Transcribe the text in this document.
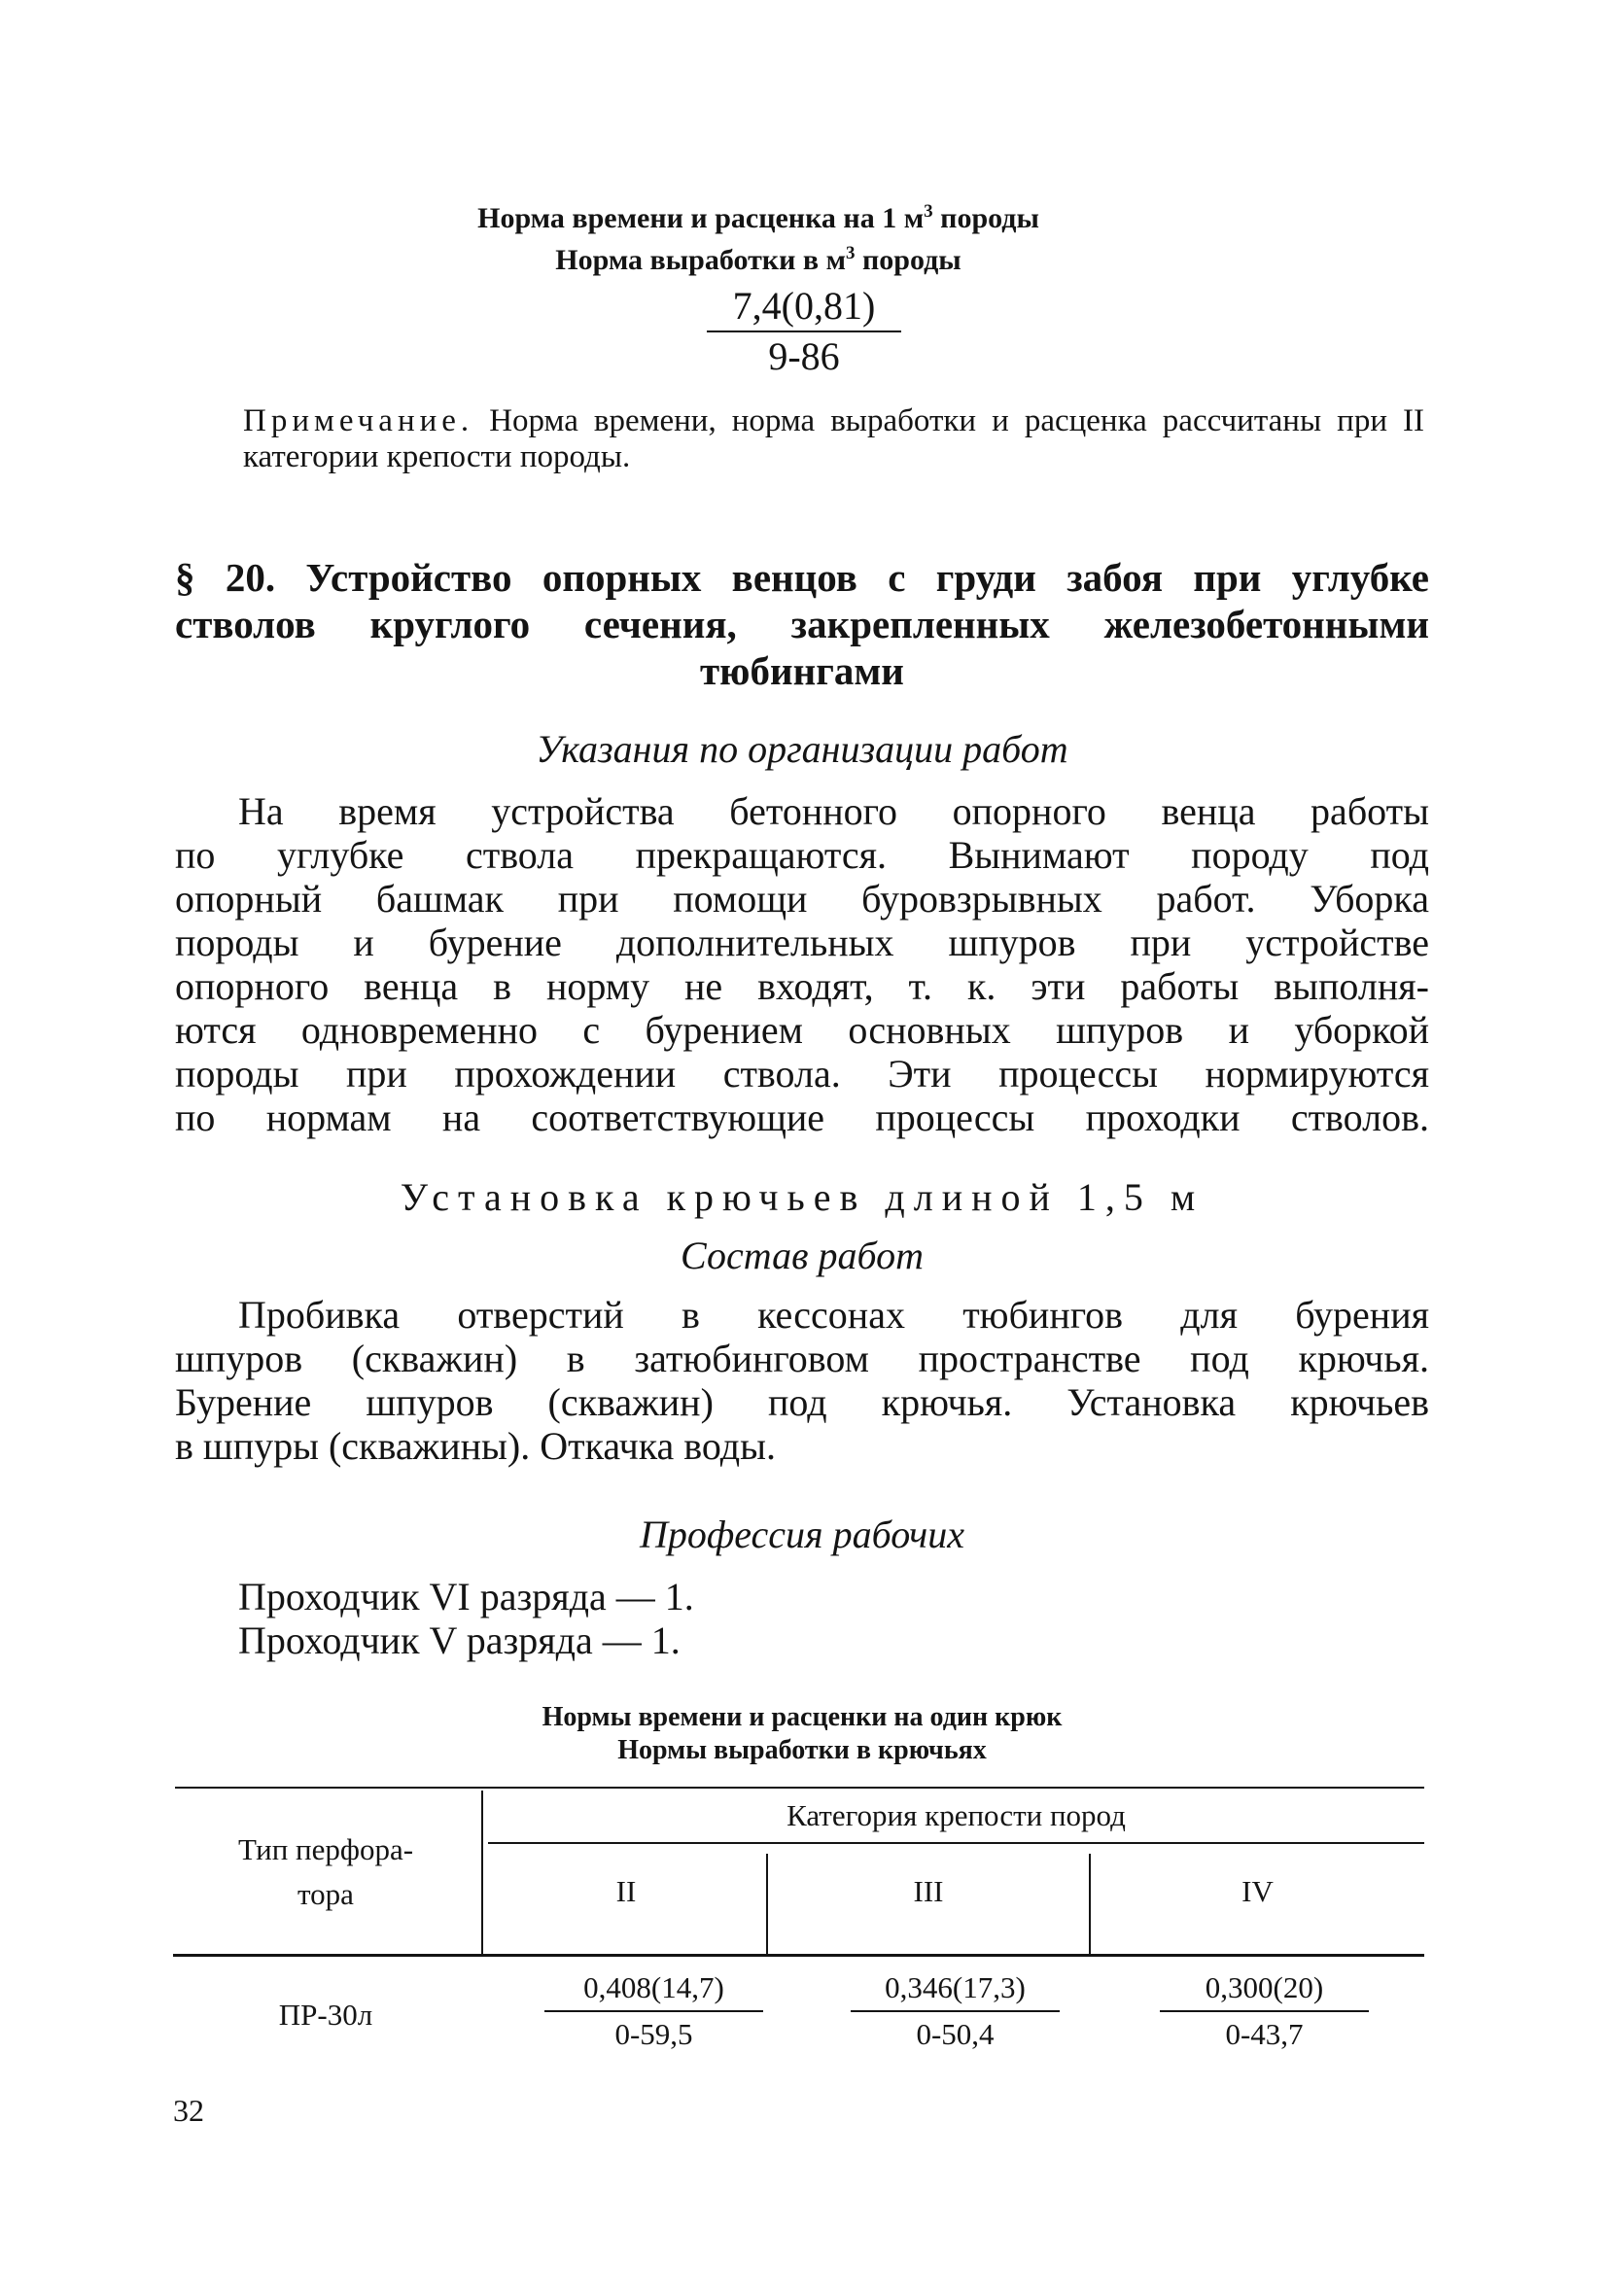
Норма времени и расценка на 1 $м^3$ породы
Норма выработки в $м^3$ породы
$\frac{7,4(0,81)}{9-86}$
Примечание. Норма времени, норма выработки и расценка рассчитаны при II категории крепости породы.
§ 20. Устройство опорных венцов с груди забоя при углубке
стволов круглого сечения, закрепленных железобетонными
тюбингами
Указания по организации работ
На время устройства бетонного опорного венца работы
по углубке ствола прекращаются. Вынимают породу под
опорный башмак при помощи буровзрывных работ. Уборка
породы и бурение дополнительных шпуров при устройстве
опорного венца в норму не входят, т. к. эти работы выполня-
ются одновременно с бурением основных шпуров и уборкой
породы при прохождении ствола. Эти процессы нормируются
по нормам на соответствующие процессы проходки стволов.
Установка крючьев длиной 1,5 м
Состав работ
Пробивка отверстий в кессонах тюбингов для бурения
шпуров (скважин) в затюбинговом пространстве под крючья.
Бурение шпуров (скважин) под крючья. Установка крючьев
в шпуры (скважины). Откачка воды.
Профессия рабочих
Проходчик VI разряда — 1.
Проходчик V разряда — 1.
Нормы времени и расценки на один крюк
Нормы выработки в крючьях
Тип перфора-
тора
Категория крепости пород
II	III	IV
ПР-30л	$\frac{0,408(14,7)}{0-59,5}$	$\frac{0,346(17,3)}{0-50,4}$	$\frac{0,300(20)}{0-43,7}$
32
